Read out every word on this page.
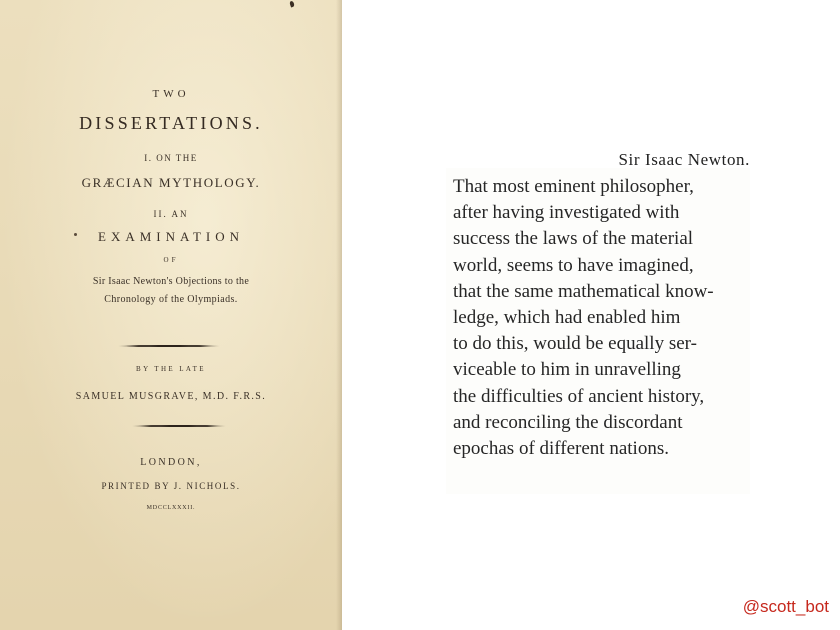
TWO
DISSERTATIONS.
I. ON THE
GRÆCIAN MYTHOLOGY.
II. AN
EXAMINATION
OF
Sir Isaac Newton's Objections to the
Chronology of the Olympiads.
BY THE LATE
SAMUEL MUSGRAVE, M.D. F.R.S.
LONDON,
PRINTED BY J. NICHOLS.
MDCCLXXXII.
Sir Isaac Newton.
That most eminent philosopher,
after having investigated with
success the laws of the material
world, seems to have imagined,
that the same mathematical know-
ledge, which had enabled him
to do this, would be equally ser-
viceable to him in unravelling
the difficulties of ancient history,
and reconciling the discordant
epochas of different nations.
@scott_bot
